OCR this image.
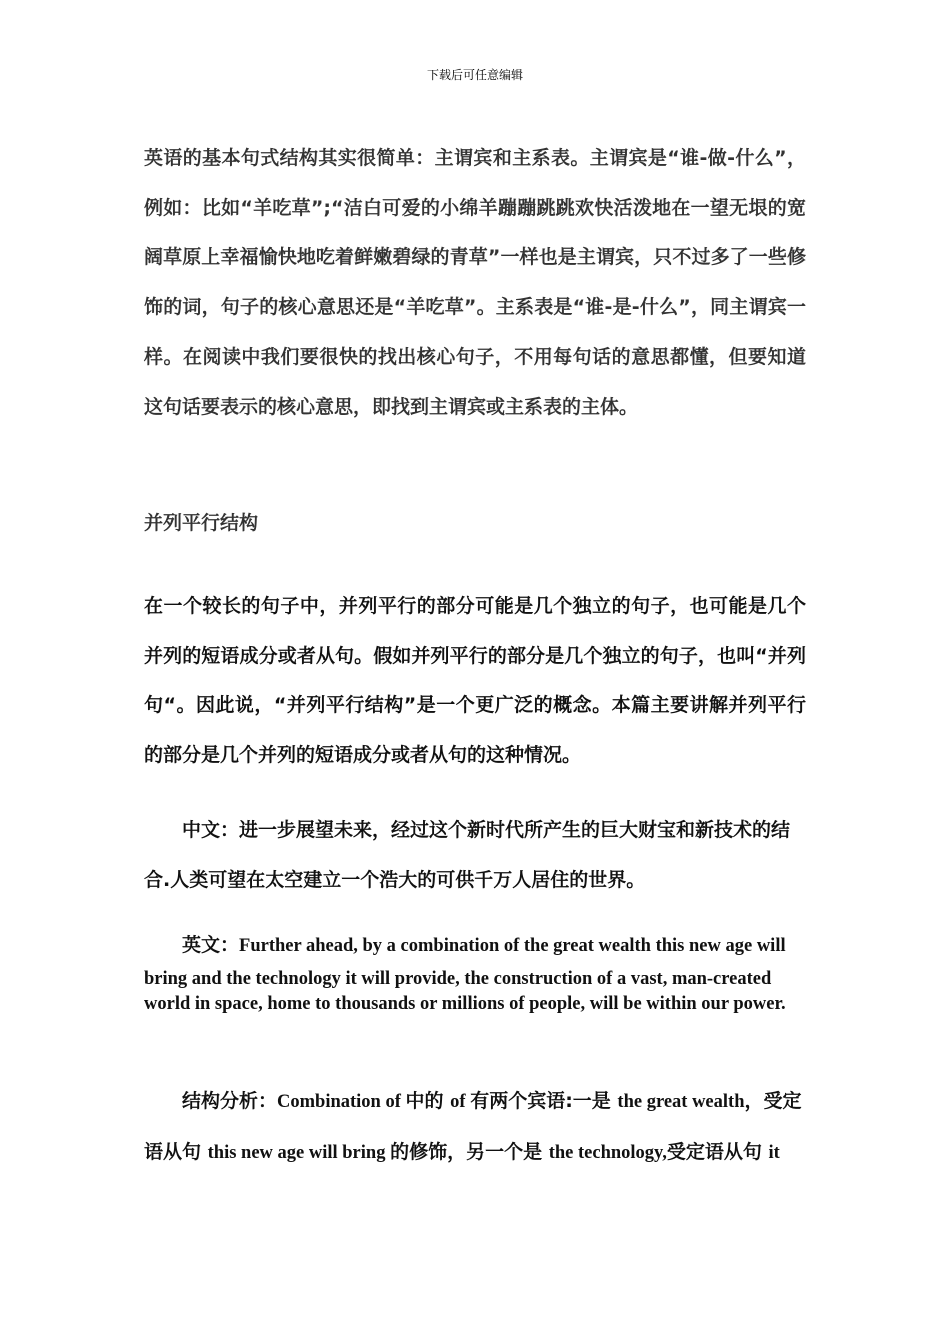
下载后可任意编辑
英语的基本句式结构其实很简单：主谓宾和主系表。主谓宾是“谁-做-什么”，例如：比如“羊吃草”;“洁白可爱的小绵羊蹦蹦跳跳欢快活泼地在一望无垠的宽阔草原上幸福愉快地吃着鲜嫩碧绿的青草”一样也是主谓宾，只不过多了一些修饰的词，句子的核心意思还是“羊吃草”。主系表是“谁-是-什么”，同主谓宾一样。在阅读中我们要很快的找出核心句子，不用每句话的意思都懂，但要知道这句话要表示的核心意思，即找到主谓宾或主系表的主体。
并列平行结构
在一个较长的句子中，并列平行的部分可能是几个独立的句子，也可能是几个并列的短语成分或者从句。假如并列平行的部分是几个独立的句子，也叫“并列句“。因此说，“并列平行结构”是一个更广泛的概念。本篇主要讲解并列平行的部分是几个并列的短语成分或者从句的这种情况。
中文：进一步展望未来，经过这个新时代所产生的巨大财宝和新技术的结合.人类可望在太空建立一个浩大的可供千万人居住的世界。
英文：Further ahead, by a combination of the great wealth this new age will
bring and the technology it will provide, the construction of a vast, man-created world in space, home to thousands or millions of people, will be within our power.
结构分析：Combination of 中的 of 有两个宾语:一是 the great wealth，受定语从句 this new age will bring 的修饰，另一个是 the technology,受定语从句 it
